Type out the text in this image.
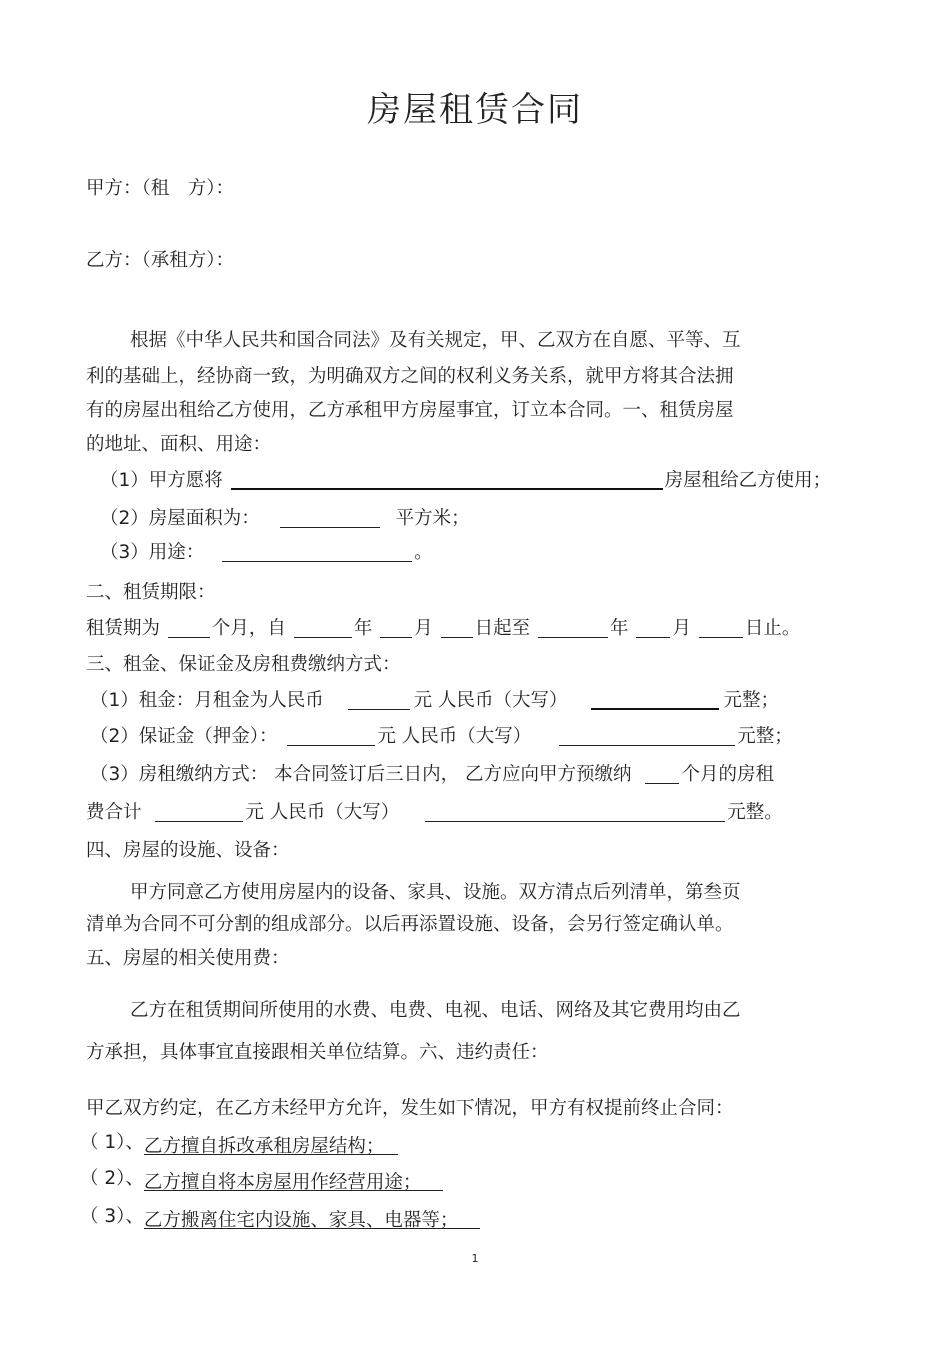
房屋租赁合同
甲方：（租　方）：
乙方：（承租方）：
根据《中华人民共和国合同法》及有关规定，甲、乙双方在自愿、平等、互
利的基础上，经协商一致，为明确双方之间的权利义务关系，就甲方将其合法拥
有的房屋出租给乙方使用，乙方承租甲方房屋事宜，订立本合同。一、租赁房屋
的地址、面积、用途：
（1）甲方愿将	房屋租给乙方使用；
（2）房屋面积为：	平方米；
（3）用途：	。
二、租赁期限：
租赁期为	个月，自	年 月 日起至	年 月	日止。
三、租金、保证金及房租费缴纳方式：
（1）租金：月租金为人民币	元 人民币（大写）	元整；
（2）保证金（押金）：	元 人民币（大写）	元整；
（3）房租缴纳方式： 本合同签订后三日内， 乙方应向甲方预缴纳	个月的房租
费合计	元 人民币（大写）	元整。
四、房屋的设施、设备：
甲方同意乙方使用房屋内的设备、家具、设施。双方清点后列清单，第叁页
清单为合同不可分割的组成部分。以后再添置设施、设备，会另行签定确认单。
五、房屋的相关使用费：
乙方在租赁期间所使用的水费、电费、电视、电话、网络及其它费用均由乙
方承担，具体事宜直接跟相关单位结算。六、违约责任：
甲乙双方约定，在乙方未经甲方允许，发生如下情况，甲方有权提前终止合同：
（ 1）、乙方擅自拆改承租房屋结构；
（ 2）、乙方擅自将本房屋用作经营用途；
（ 3）、乙方搬离住宅内设施、家具、电器等；
1
